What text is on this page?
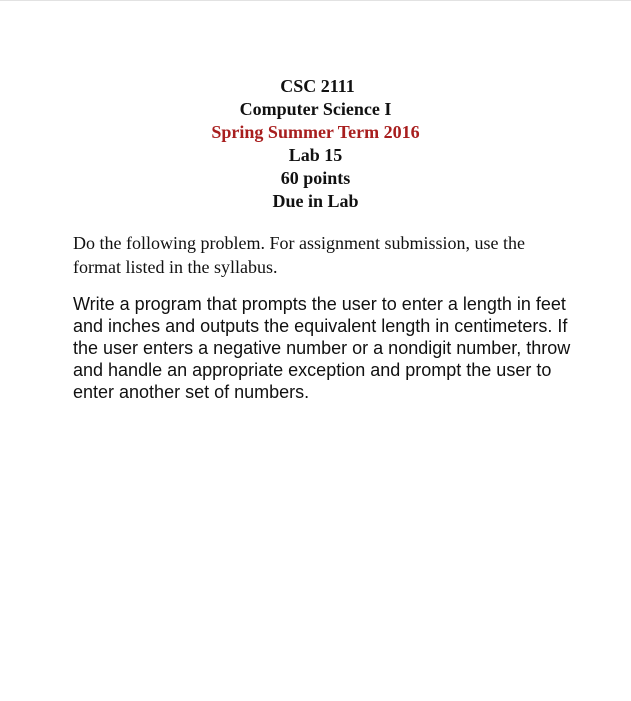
CSC 2111
Computer Science I
Spring Summer Term 2016
Lab 15
60 points
Due in Lab

Do the following problem. For assignment submission, use the format listed in the syllabus.

Write a program that prompts the user to enter a length in feet and inches and outputs the equivalent length in centimeters. If the user enters a negative number or a nondigit number, throw and handle an appropriate exception and prompt the user to enter another set of numbers.
